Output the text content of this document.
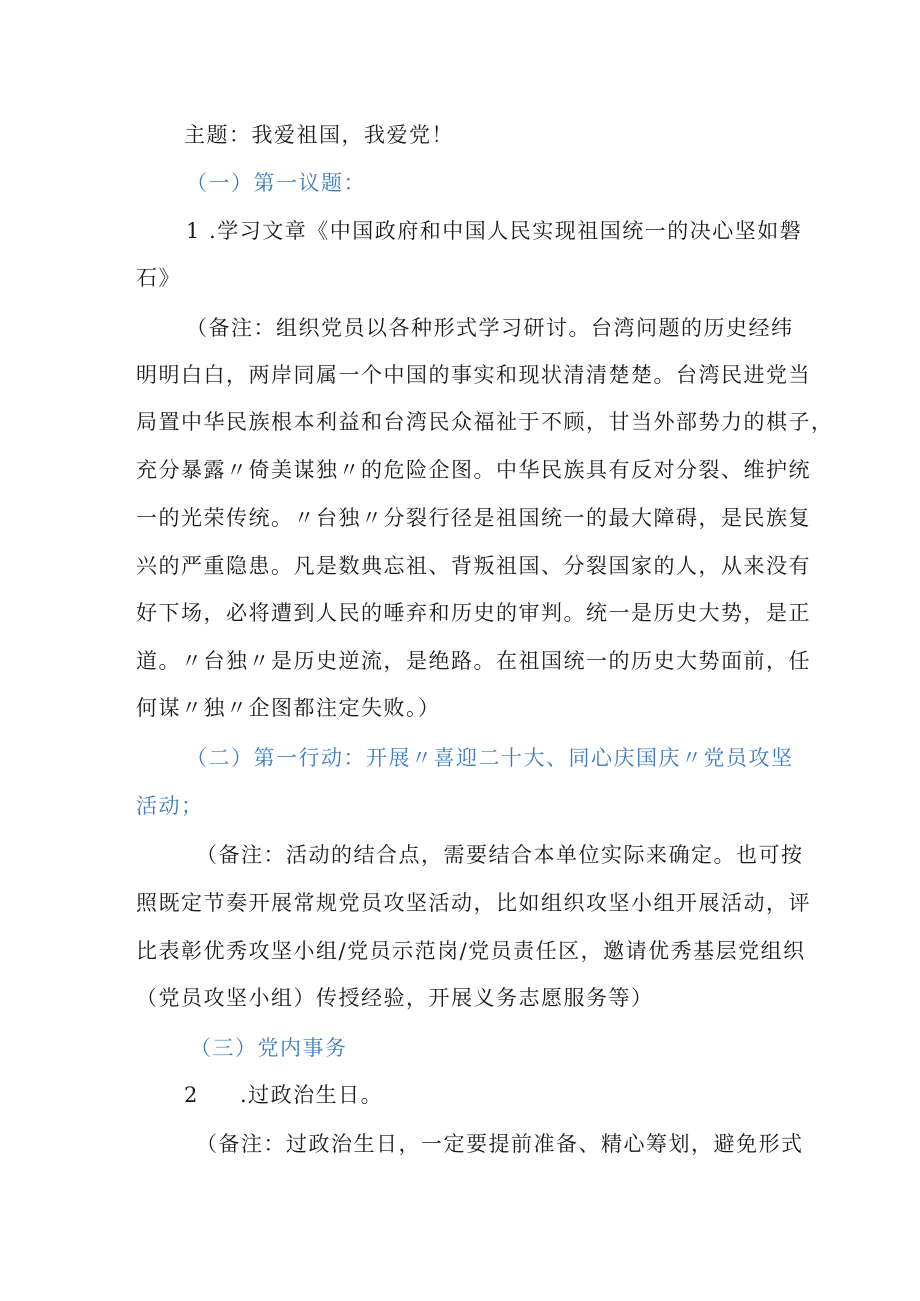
主题：我爱祖国，我爱党！
（一）第一议题：
1 .学习文章《中国政府和中国人民实现祖国统一的决心坚如磐
石》
（备注：组织党员以各种形式学习研讨。台湾问题的历史经纬
明明白白，两岸同属一个中国的事实和现状清清楚楚。台湾民进党当
局置中华民族根本利益和台湾民众福祉于不顾，甘当外部势力的棋子，
充分暴露〃倚美谋独〃的危险企图。中华民族具有反对分裂、维护统
一的光荣传统。〃台独〃分裂行径是祖国统一的最大障碍，是民族复
兴的严重隐患。凡是数典忘祖、背叛祖国、分裂国家的人，从来没有
好下场，必将遭到人民的唾弃和历史的审判。统一是历史大势，是正
道。〃台独〃是历史逆流，是绝路。在祖国统一的历史大势面前，任
何谋〃独〃企图都注定失败。）
（二）第一行动：开展〃喜迎二十大、同心庆国庆〃党员攻坚
活动；
（备注：活动的结合点，需要结合本单位实际来确定。也可按
照既定节奏开展常规党员攻坚活动，比如组织攻坚小组开展活动，评
比表彰优秀攻坚小组/党员示范岗/党员责任区，邀请优秀基层党组织
（党员攻坚小组）传授经验，开展义务志愿服务等）
（三）党内事务
2 .过政治生日。
（备注：过政治生日，一定要提前准备、精心筹划，避免形式
